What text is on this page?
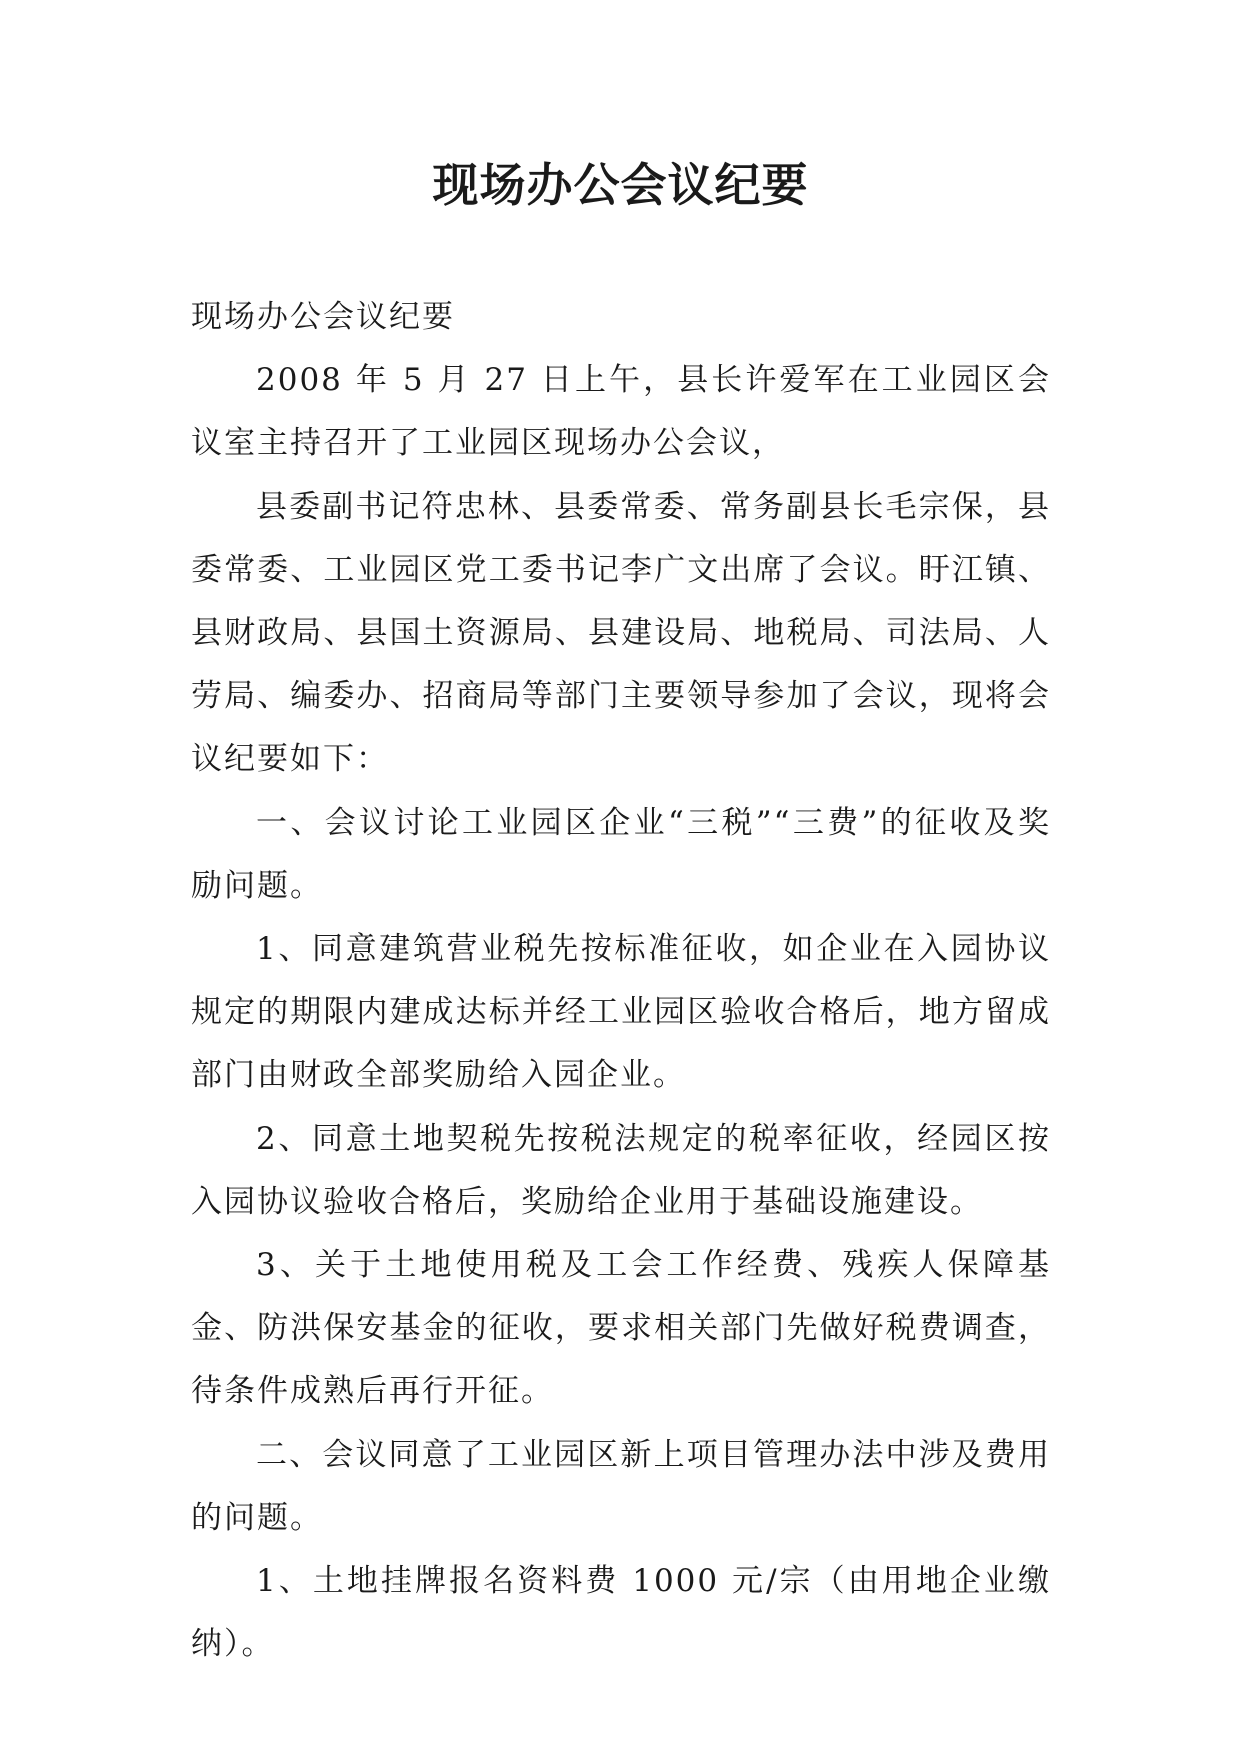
现场办公会议纪要

现场办公会议纪要

2008 年 5 月 27 日上午，县长许爱军在工业园区会议室主持召开了工业园区现场办公会议，

县委副书记符忠林、县委常委、常务副县长毛宗保，县委常委、工业园区党工委书记李广文出席了会议。盱江镇、县财政局、县国土资源局、县建设局、地税局、司法局、人劳局、编委办、招商局等部门主要领导参加了会议，现将会议纪要如下：

一、会议讨论工业园区企业“三税”“三费”的征收及奖励问题。

1、同意建筑营业税先按标准征收，如企业在入园协议规定的期限内建成达标并经工业园区验收合格后，地方留成部门由财政全部奖励给入园企业。

2、同意土地契税先按税法规定的税率征收，经园区按入园协议验收合格后，奖励给企业用于基础设施建设。

3、关于土地使用税及工会工作经费、残疾人保障基金、防洪保安基金的征收，要求相关部门先做好税费调查，待条件成熟后再行开征。

二、会议同意了工业园区新上项目管理办法中涉及费用的问题。

1、土地挂牌报名资料费 1000 元/宗（由用地企业缴纳）。
